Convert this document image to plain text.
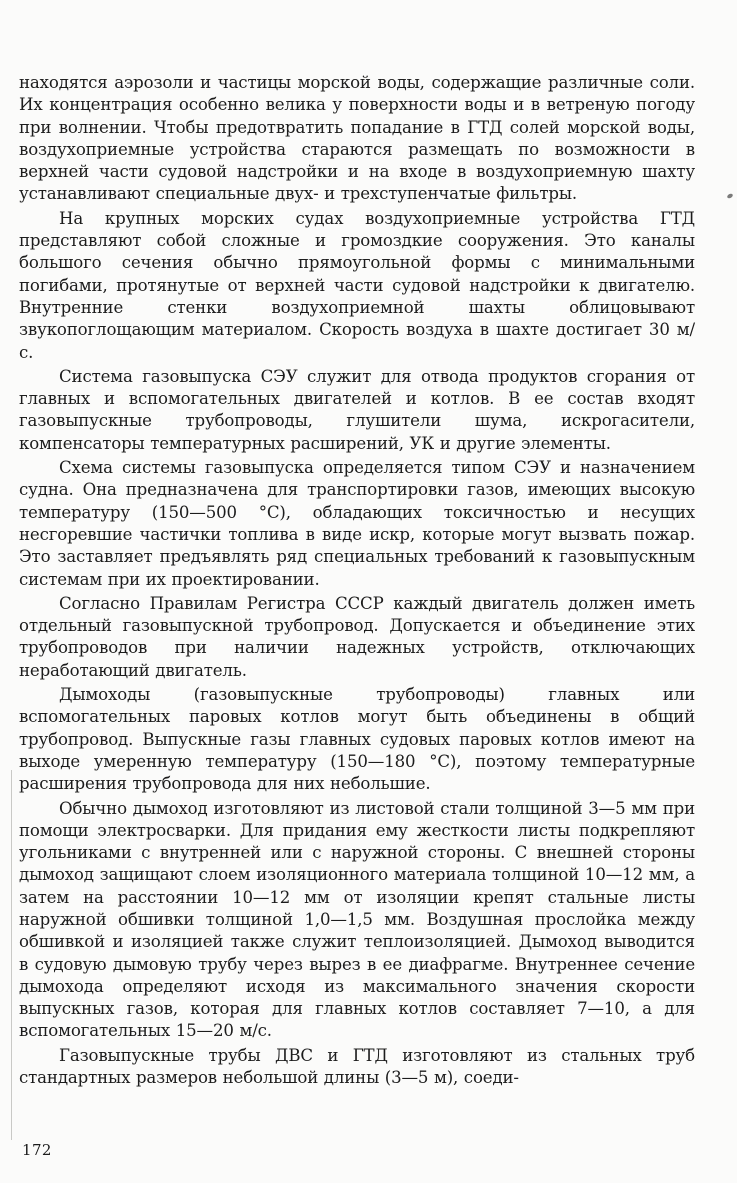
находятся аэрозоли и частицы морской воды, содержащие различные соли. Их концентрация особенно велика у поверхности воды и в ветреную погоду при волнении. Чтобы предотвратить попадание в ГТД солей морской воды, воздухоприемные устройства стараются размещать по возможности в верхней части судовой надстройки и на входе в воздухоприемную шахту устанавливают специальные двух- и трехступенчатые фильтры.

На крупных морских судах воздухоприемные устройства ГТД представляют собой сложные и громоздкие сооружения. Это каналы большого сечения обычно прямоугольной формы с минимальными погибами, протянутые от верхней части судовой надстройки к двигателю. Внутренние стенки воздухоприемной шахты облицовывают звукопоглощающим материалом. Скорость воздуха в шахте достигает 30 м/с.

Система газовыпуска СЭУ служит для отвода продуктов сгорания от главных и вспомогательных двигателей и котлов. В ее состав входят газовыпускные трубопроводы, глушители шума, искрогасители, компенсаторы температурных расширений, УК и другие элементы.

Схема системы газовыпуска определяется типом СЭУ и назначением судна. Она предназначена для транспортировки газов, имеющих высокую температуру (150—500 °С), обладающих токсичностью и несущих несгоревшие частички топлива в виде искр, которые могут вызвать пожар. Это заставляет предъявлять ряд специальных требований к газовыпускным системам при их проектировании.

Согласно Правилам Регистра СССР каждый двигатель должен иметь отдельный газовыпускной трубопровод. Допускается и объединение этих трубопроводов при наличии надежных устройств, отключающих неработающий двигатель.

Дымоходы (газовыпускные трубопроводы) главных или вспомогательных паровых котлов могут быть объединены в общий трубопровод. Выпускные газы главных судовых паровых котлов имеют на выходе умеренную температуру (150—180 °С), поэтому температурные расширения трубопровода для них небольшие.

Обычно дымоход изготовляют из листовой стали толщиной 3—5 мм при помощи электросварки. Для придания ему жесткости листы подкрепляют угольниками с внутренней или с наружной стороны. С внешней стороны дымоход защищают слоем изоляционного материала толщиной 10—12 мм, а затем на расстоянии 10—12 мм от изоляции крепят стальные листы наружной обшивки толщиной 1,0—1,5 мм. Воздушная прослойка между обшивкой и изоляцией также служит теплоизоляцией. Дымоход выводится в судовую дымовую трубу через вырез в ее диафрагме. Внутреннее сечение дымохода определяют исходя из максимального значения скорости выпускных газов, которая для главных котлов составляет 7—10, а для вспомогательных 15—20 м/с.

Газовыпускные трубы ДВС и ГТД изготовляют из стальных труб стандартных размеров небольшой длины (3—5 м), соеди-

172
